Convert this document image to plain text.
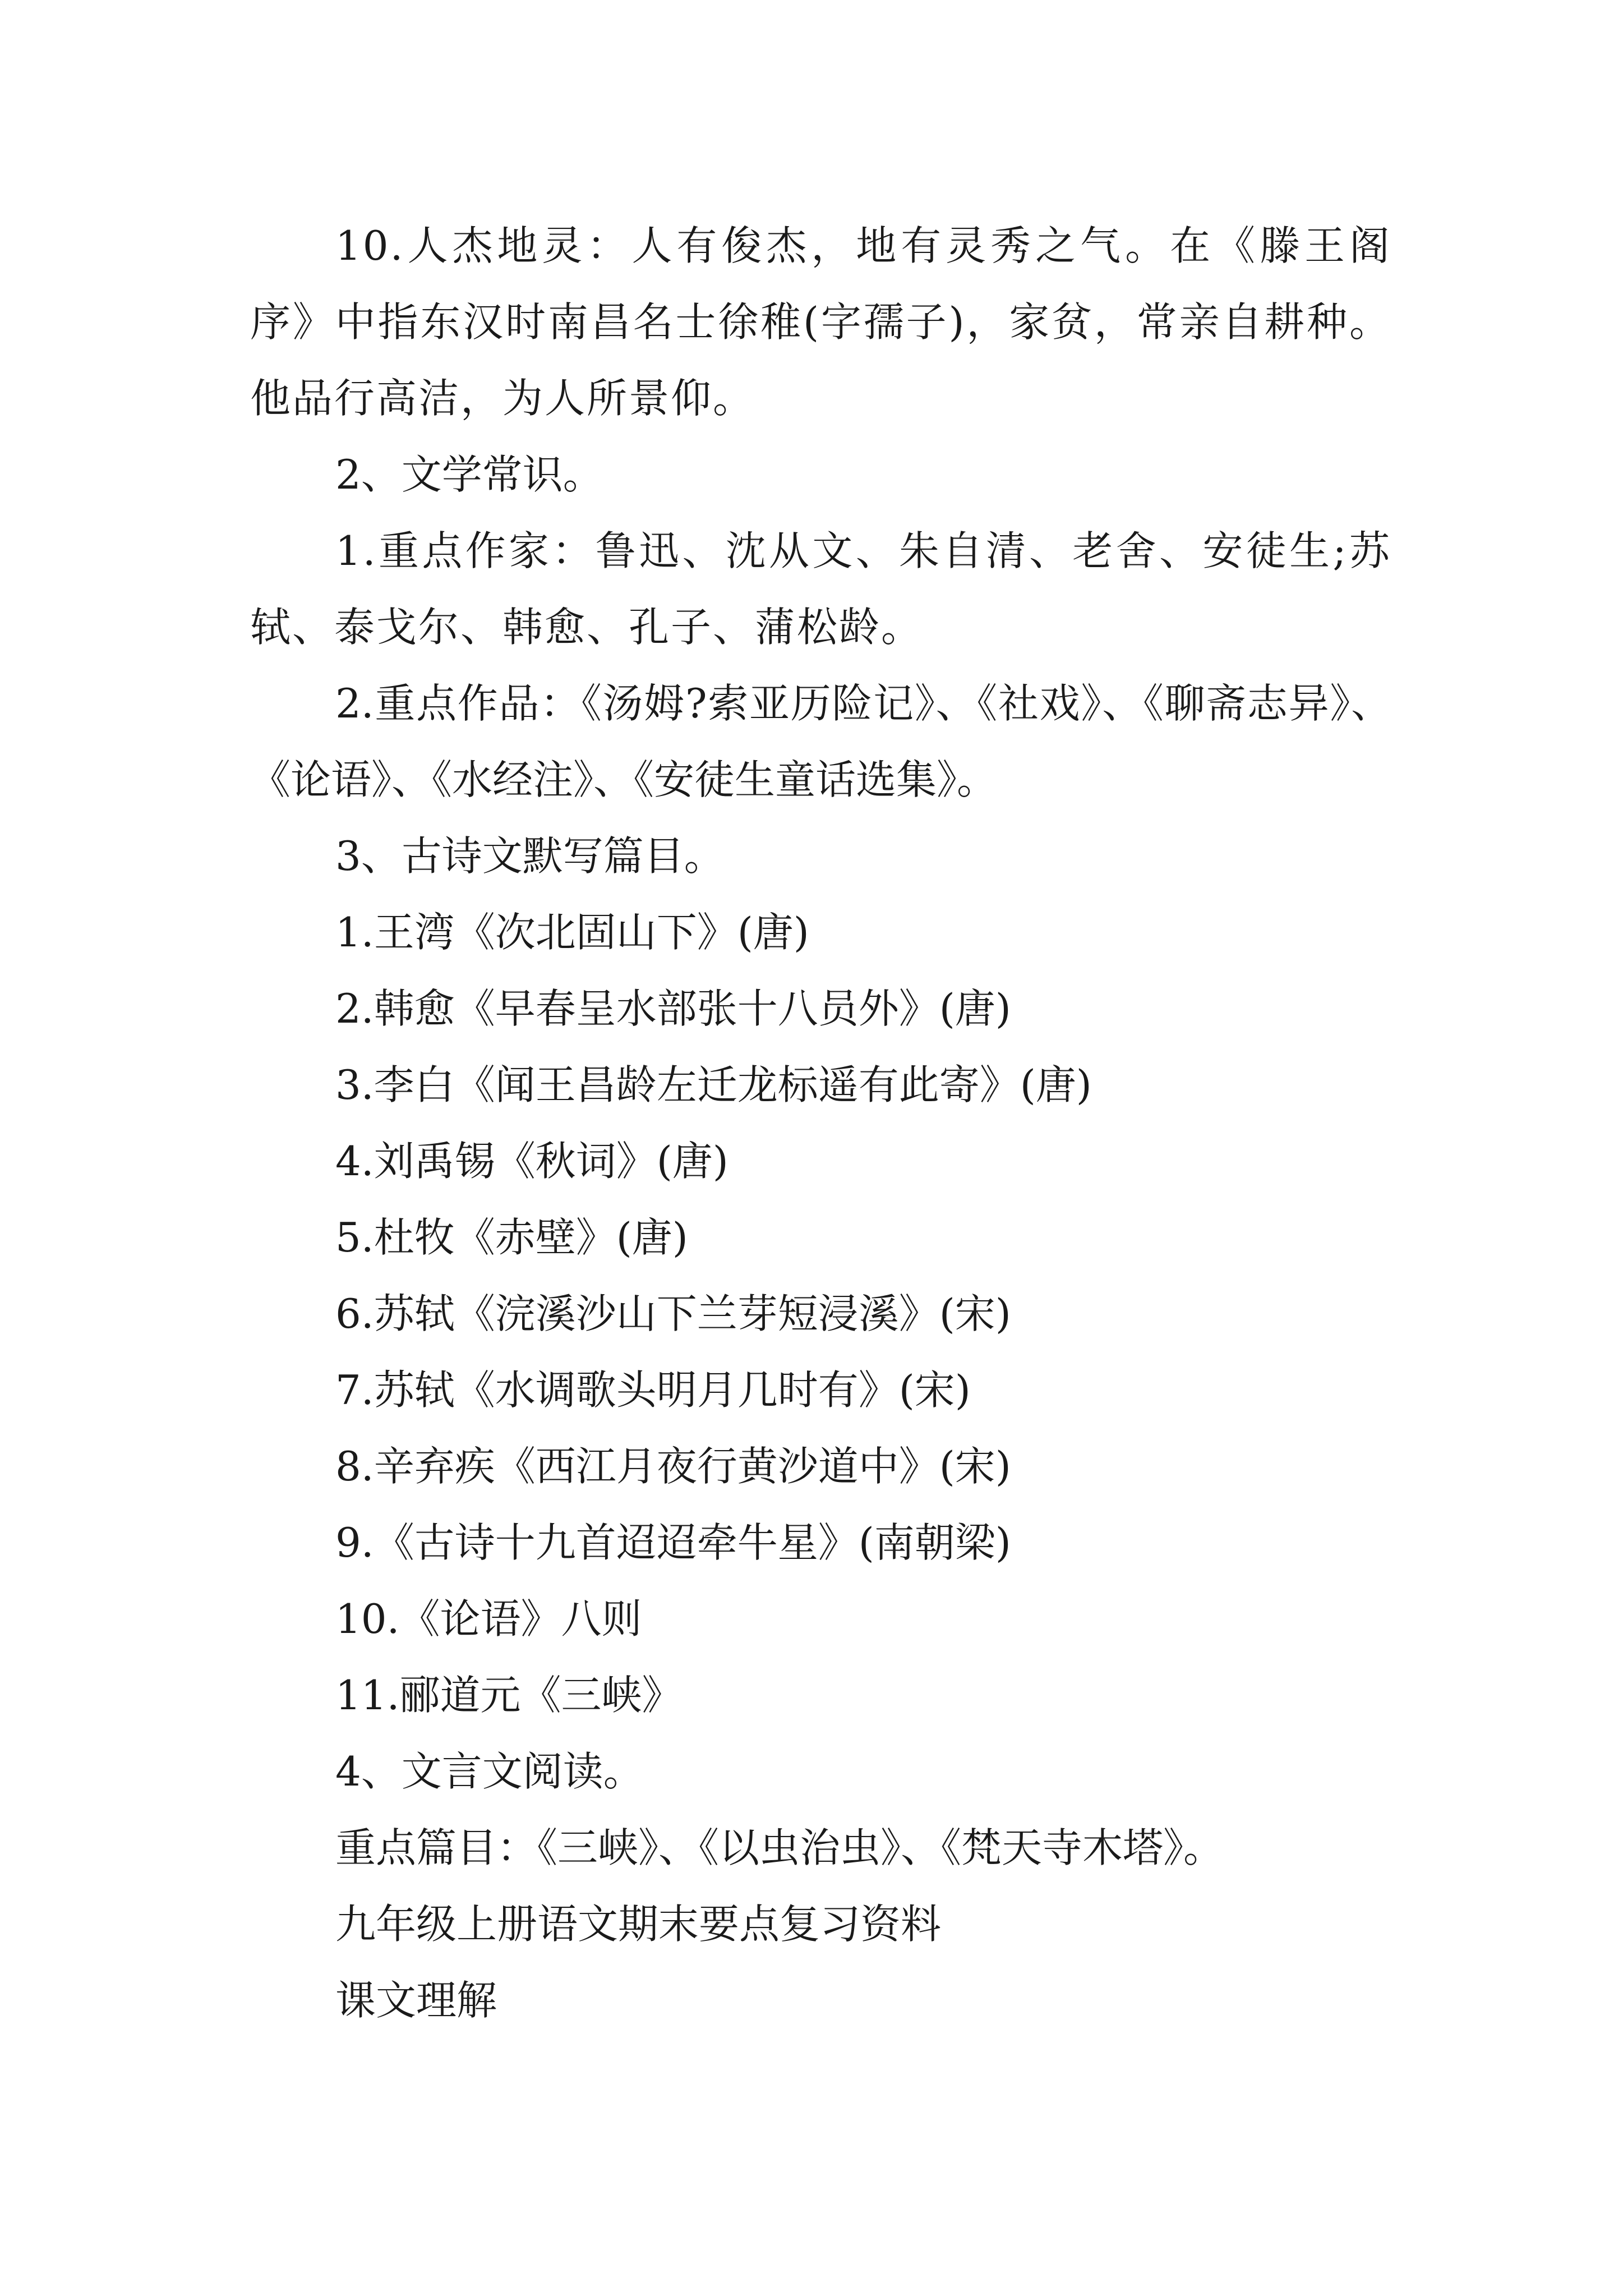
10.人杰地灵：人有俊杰，地有灵秀之气。在《滕王阁序》中指东汉时南昌名士徐稚(字孺子)，家贫，常亲自耕种。他品行高洁，为人所景仰。

2、文学常识。

1.重点作家：鲁迅、沈从文、朱自清、老舍、安徒生;苏轼、泰戈尔、韩愈、孔子、蒲松龄。

2.重点作品：《汤姆?索亚历险记》、《社戏》、《聊斋志异》、《论语》、《水经注》、《安徒生童话选集》。

3、古诗文默写篇目。

1.王湾《次北固山下》(唐)

2.韩愈《早春呈水部张十八员外》(唐)

3.李白《闻王昌龄左迁龙标遥有此寄》(唐)

4.刘禹锡《秋词》(唐)

5.杜牧《赤壁》(唐)

6.苏轼《浣溪沙山下兰芽短浸溪》(宋)

7.苏轼《水调歌头明月几时有》(宋)

8.辛弃疾《西江月夜行黄沙道中》(宋)

9.《古诗十九首迢迢牵牛星》(南朝梁)

10.《论语》八则

11.郦道元《三峡》

4、文言文阅读。

重点篇目：《三峡》、《以虫治虫》、《梵天寺木塔》。

九年级上册语文期末要点复习资料

课文理解
